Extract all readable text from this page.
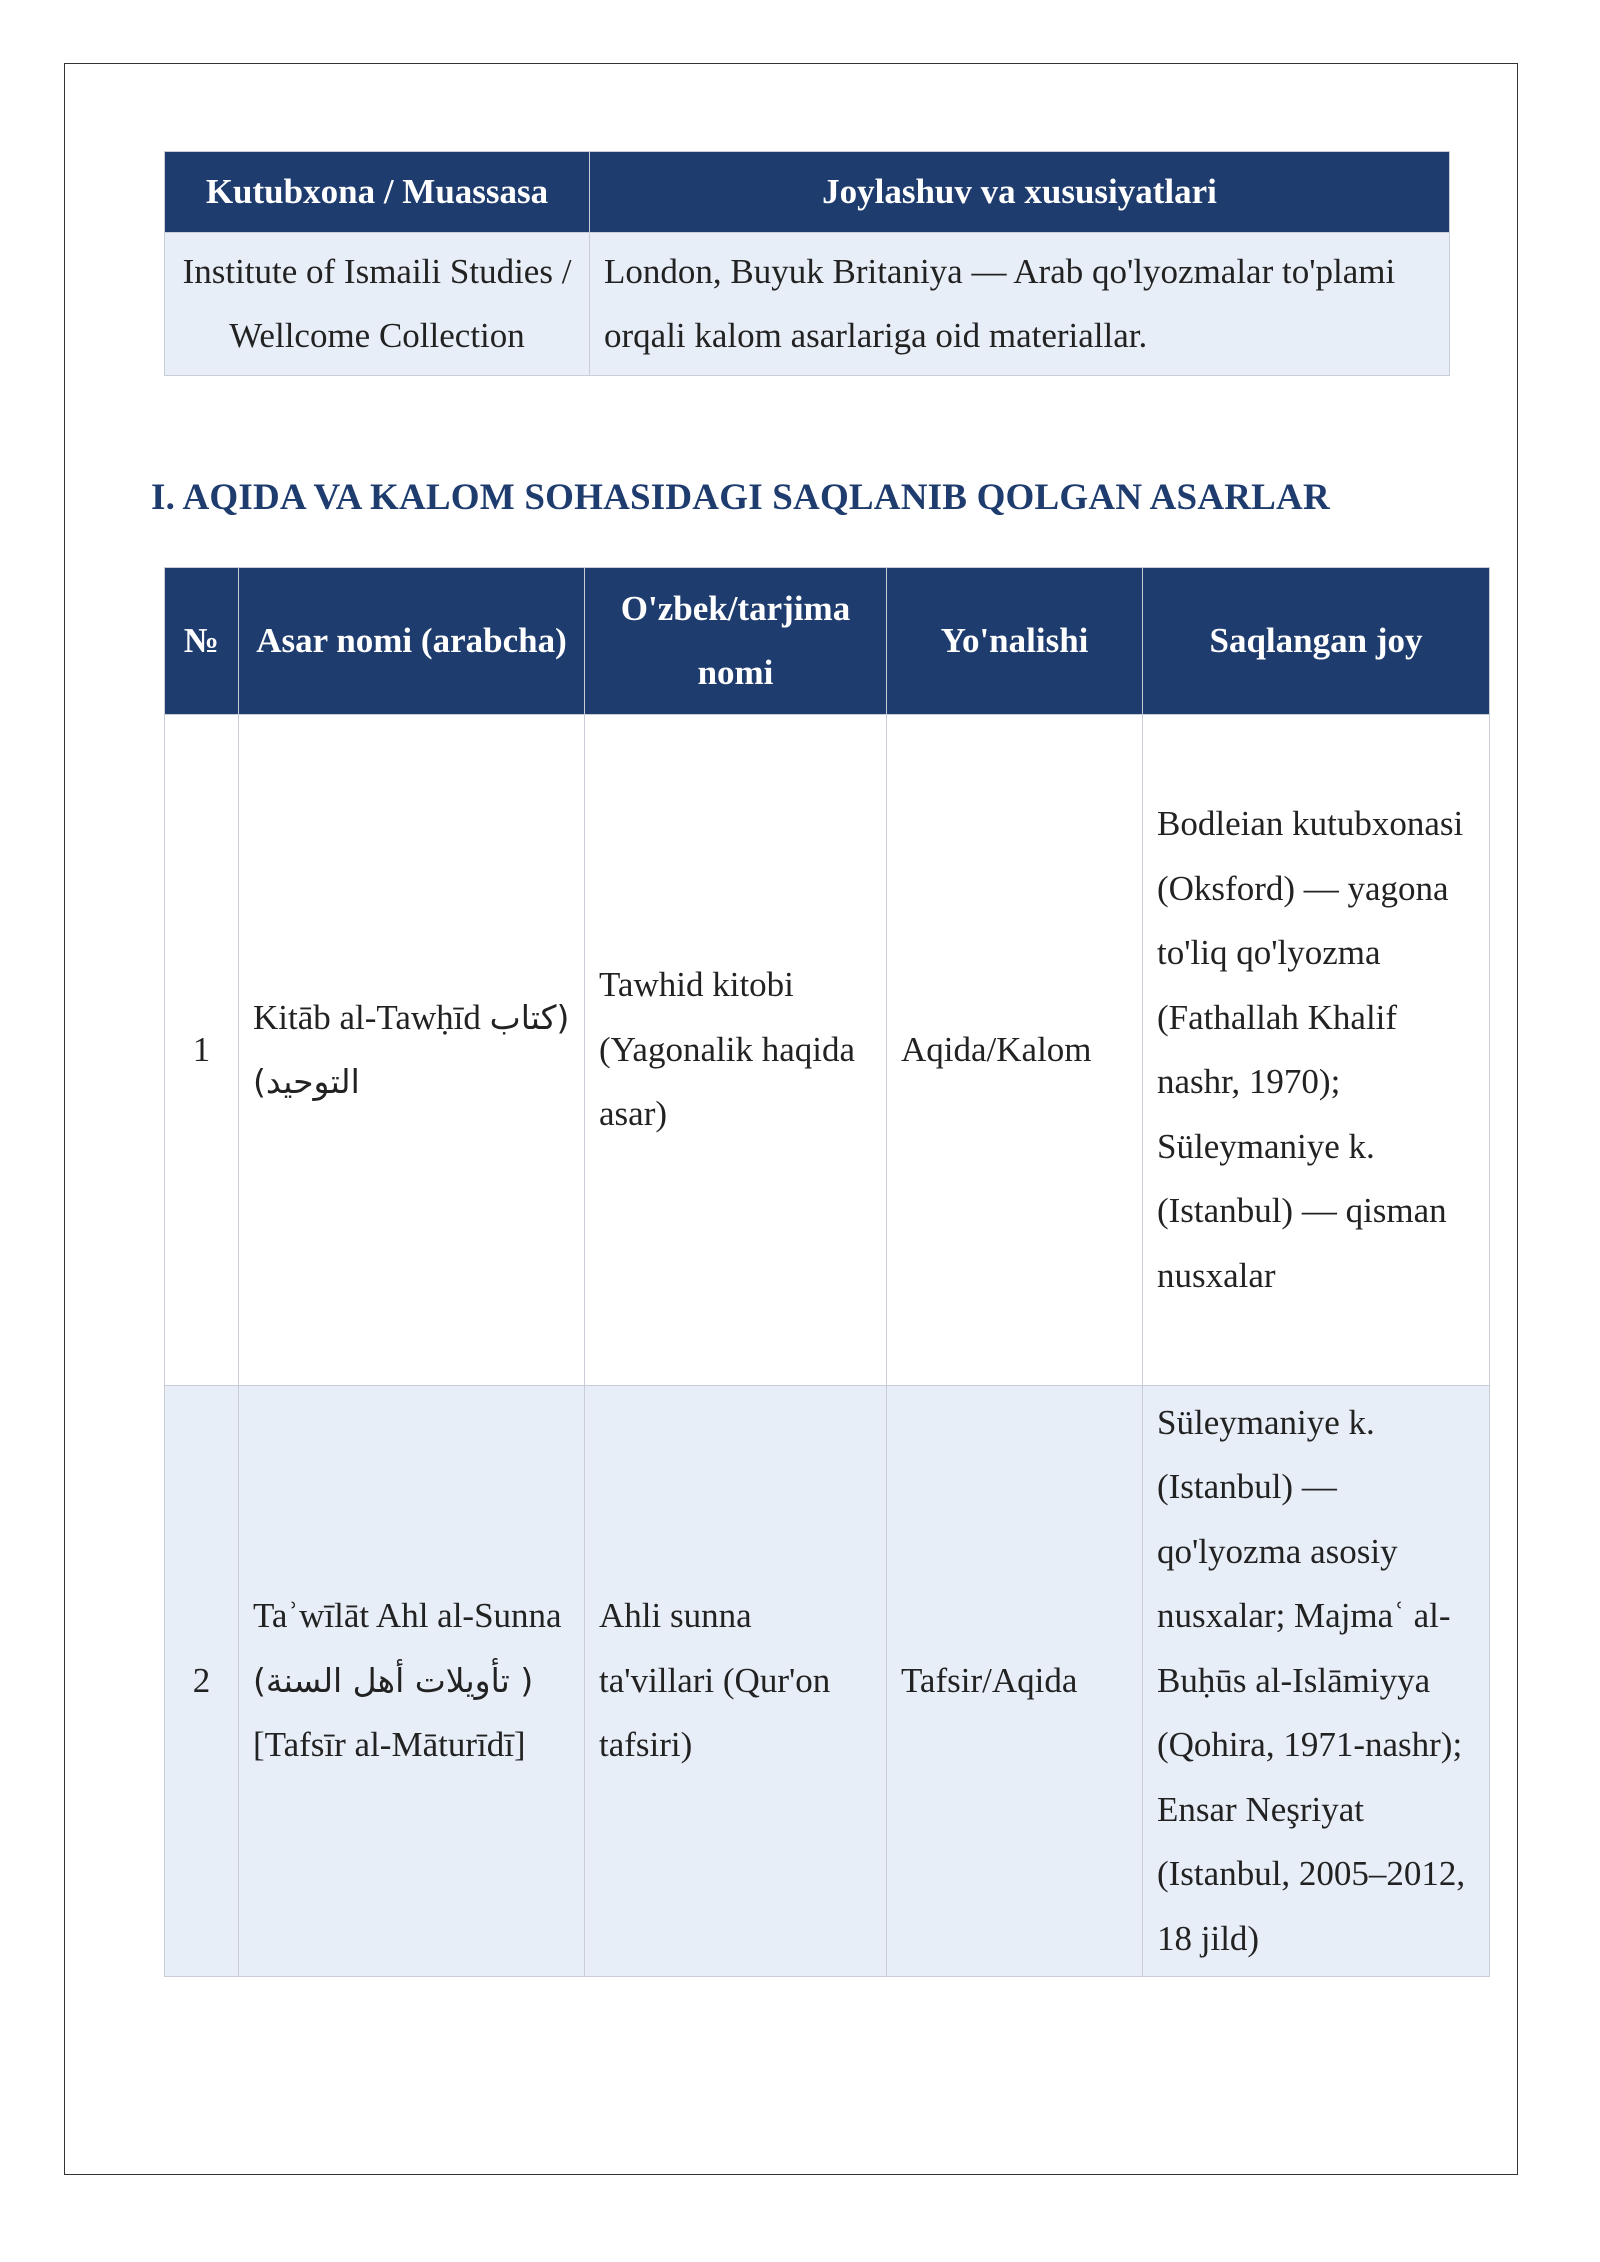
Kutubxona / Muassasa	Joylashuv va xususiyatlari
Institute of Ismaili Studies / Wellcome Collection	London, Buyuk Britaniya — Arab qo'lyozmalar to'plami orqali kalom asarlariga oid materiallar.
I. AQIDA VA KALOM SOHASIDAGI SAQLANIB QOLGAN ASARLAR
№	Asar nomi (arabcha)	O'zbek/tarjima nomi	Yo'nalishi	Saqlangan joy
1	Kitāb al-Tawḥīd (كتاب التوحيد)	Tawhid kitobi (Yagonalik haqida asar)	Aqida/Kalom	Bodleian kutubxonasi (Oksford) — yagona to'liq qo'lyozma (Fathallah Khalif nashr, 1970); Süleymaniye k. (Istanbul) — qisman nusxalar
2	Taʾwīlāt Ahl al-Sunna ( تأويلات أهل السنة) [Tafsīr al-Māturīdī]	Ahli sunna ta'villari (Qur'on tafsiri)	Tafsir/Aqida	Süleymaniye k. (Istanbul) — qo'lyozma asosiy nusxalar; Majmaʿ al-Buḥūs al-Islāmiyya (Qohira, 1971-nashr); Ensar Neşriyat (Istanbul, 2005–2012, 18 jild)
